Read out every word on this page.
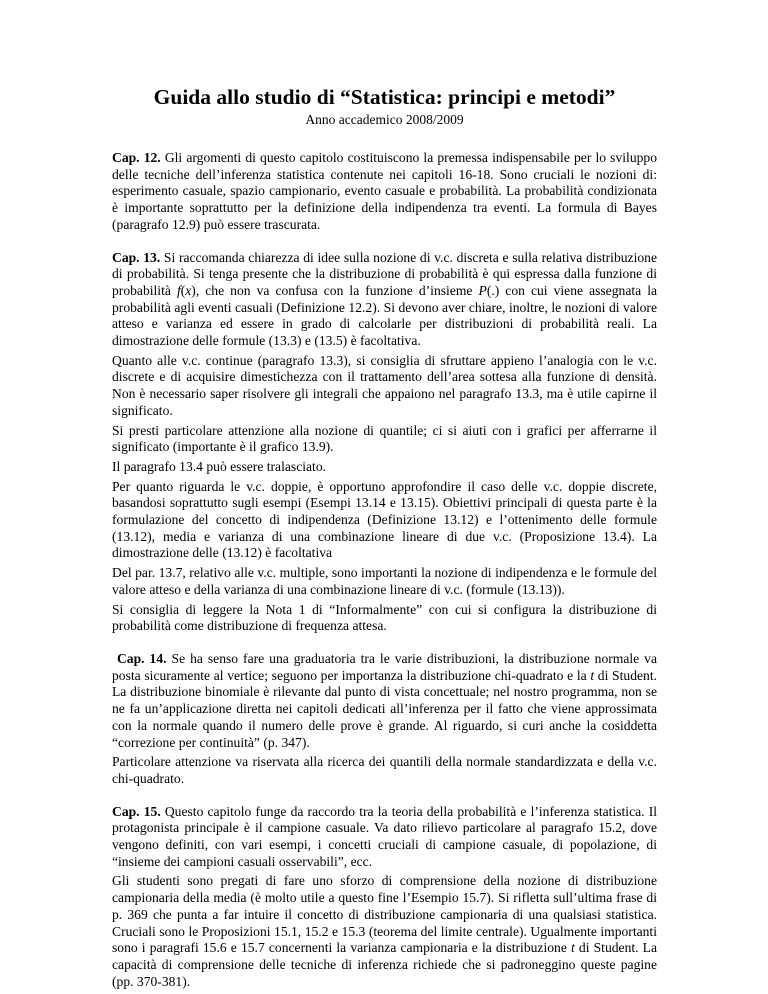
Guida allo studio di “Statistica: principi e metodi”
Anno accademico 2008/2009

Cap. 12. Gli argomenti di questo capitolo costituiscono la premessa indispensabile per lo sviluppo delle tecniche dell’inferenza statistica contenute nei capitoli 16-18. Sono cruciali le nozioni di: esperimento casuale, spazio campionario, evento casuale e probabilità. La probabilità condizionata è importante soprattutto per la definizione della indipendenza tra eventi. La formula di Bayes (paragrafo 12.9) può essere trascurata.

Cap. 13. Si raccomanda chiarezza di idee sulla nozione di v.c. discreta e sulla relativa distribuzione di probabilità. Si tenga presente che la distribuzione di probabilità è qui espressa dalla funzione di probabilità f(x), che non va confusa con la funzione d’insieme P(.) con cui viene assegnata la probabilità agli eventi casuali (Definizione 12.2). Si devono aver chiare, inoltre, le nozioni di valore atteso e varianza ed essere in grado di calcolarle per distribuzioni di probabilità reali. La dimostrazione delle formule (13.3) e (13.5) è facoltativa.

Quanto alle v.c. continue (paragrafo 13.3), si consiglia di sfruttare appieno l’analogia con le v.c. discrete e di acquisire dimestichezza con il trattamento dell’area sottesa alla funzione di densità. Non è necessario saper risolvere gli integrali che appaiono nel paragrafo 13.3, ma è utile capirne il significato.

Si presti particolare attenzione alla nozione di quantile; ci si aiuti con i grafici per afferrarne il significato (importante è il grafico 13.9).

Il paragrafo 13.4 può essere tralasciato.

Per quanto riguarda le v.c. doppie, è opportuno approfondire il caso delle v.c. doppie discrete, basandosi soprattutto sugli esempi (Esempi 13.14 e 13.15). Obiettivi principali di questa parte è la formulazione del concetto di indipendenza (Definizione 13.12) e l’ottenimento delle formule (13.12), media e varianza di una combinazione lineare di due v.c. (Proposizione 13.4). La dimostrazione delle (13.12) è facoltativa

Del par. 13.7, relativo alle v.c. multiple, sono importanti la nozione di indipendenza e le formule del valore atteso e della varianza di una combinazione lineare di v.c. (formule (13.13)).

Si consiglia di leggere la Nota 1 di “Informalmente” con cui si configura la distribuzione di probabilità come distribuzione di frequenza attesa.

Cap. 14. Se ha senso fare una graduatoria tra le varie distribuzioni, la distribuzione normale va posta sicuramente al vertice; seguono per importanza la distribuzione chi-quadrato e la t di Student. La distribuzione binomiale è rilevante dal punto di vista concettuale; nel nostro programma, non se ne fa un’applicazione diretta nei capitoli dedicati all’inferenza per il fatto che viene approssimata con la normale quando il numero delle prove è grande. Al riguardo, si curi anche la cosiddetta “correzione per continuità” (p. 347).

Particolare attenzione va riservata alla ricerca dei quantili della normale standardizzata e della v.c. chi-quadrato.

Cap. 15. Questo capitolo funge da raccordo tra la teoria della probabilità e l’inferenza statistica. Il protagonista principale è il campione casuale. Va dato rilievo particolare al paragrafo 15.2, dove vengono definiti, con vari esempi, i concetti cruciali di campione casuale, di popolazione, di “insieme dei campioni casuali osservabili”, ecc.

Gli studenti sono pregati di fare uno sforzo di comprensione della nozione di distribuzione campionaria della media (è molto utile a questo fine l’Esempio 15.7). Si rifletta sull’ultima frase di p. 369 che punta a far intuire il concetto di distribuzione campionaria di una qualsiasi statistica. Cruciali sono le Proposizioni 15.1, 15.2 e 15.3 (teorema del limite centrale). Ugualmente importanti sono i paragrafi 15.6 e 15.7 concernenti la varianza campionaria e la distribuzione t di Student. La capacità di comprensione delle tecniche di inferenza richiede che si padroneggino queste pagine (pp. 370-381).
